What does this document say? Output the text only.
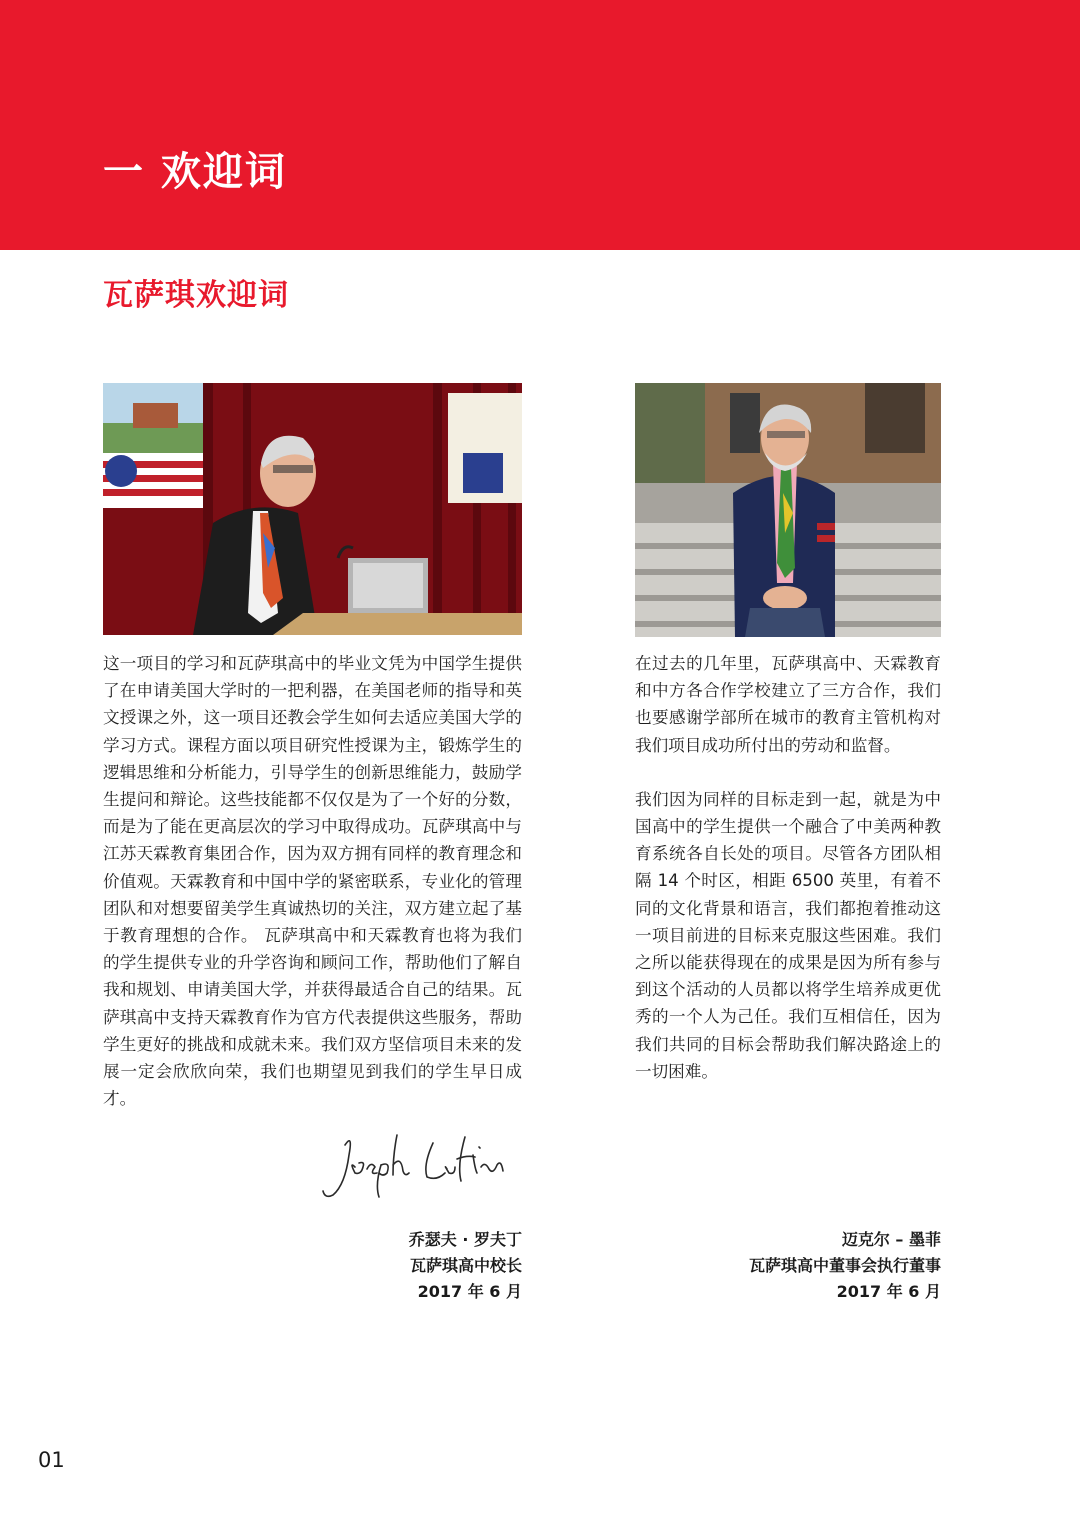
一 欢迎词
瓦萨琪欢迎词
这一项目的学习和瓦萨琪高中的毕业文凭为中国学生提供了在申请美国大学时的一把利器，在美国老师的指导和英文授课之外，这一项目还教会学生如何去适应美国大学的学习方式。课程方面以项目研究性授课为主，锻炼学生的逻辑思维和分析能力，引导学生的创新思维能力，鼓励学生提问和辩论。这些技能都不仅仅是为了一个好的分数，而是为了能在更高层次的学习中取得成功。瓦萨琪高中与江苏天霖教育集团合作，因为双方拥有同样的教育理念和价值观。天霖教育和中国中学的紧密联系，专业化的管理团队和对想要留美学生真诚热切的关注，双方建立起了基于教育理想的合作。 瓦萨琪高中和天霖教育也将为我们的学生提供专业的升学咨询和顾问工作，帮助他们了解自我和规划、申请美国大学，并获得最适合自己的结果。瓦萨琪高中支持天霖教育作为官方代表提供这些服务，帮助学生更好的挑战和成就未来。我们双方坚信项目未来的发展一定会欣欣向荣，我们也期望见到我们的学生早日成才。

在过去的几年里，瓦萨琪高中、天霖教育和中方各合作学校建立了三方合作，我们也要感谢学部所在城市的教育主管机构对我们项目成功所付出的劳动和监督。

我们因为同样的目标走到一起，就是为中国高中的学生提供一个融合了中美两种教育系统各自长处的项目。尽管各方团队相隔 14 个时区，相距 6500 英里，有着不同的文化背景和语言，我们都抱着推动这一项目前进的目标来克服这些困难。我们之所以能获得现在的成果是因为所有参与到这个活动的人员都以将学生培养成更优秀的一个人为己任。我们互相信任，因为我们共同的目标会帮助我们解决路途上的一切困难。

乔瑟夫 · 罗夫丁
瓦萨琪高中校长
2017 年 6 月
迈克尔 – 墨菲
瓦萨琪高中董事会执行董事
2017 年 6 月
01
